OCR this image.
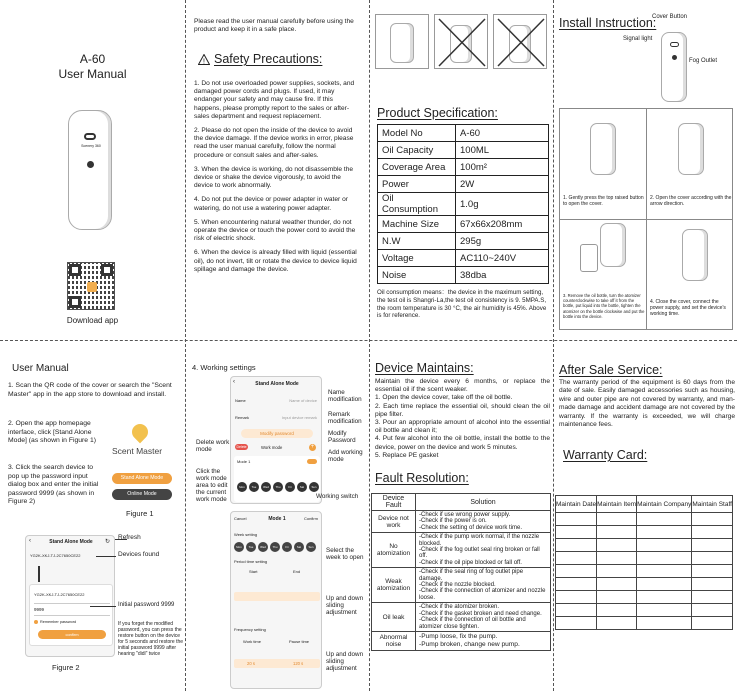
A-60
User Manual
Scenery 360
Download app
Please read the user manual carefully before using the product and keep it in a safe place.
! Safety Precautions:

1. Do not use overloaded power supplies, sockets, and damaged power cords and plugs. If used, it may endanger your safety and may cause fire. If this happens, please promptly report to the sales or after-sales department and request replacement.

2. Please do not open the inside of the device to avoid the device damage. If the device works in error, please read the user manual carefully, follow the normal procedure or consult sales and after-sales.

3. When the device is working, do not disassemble the device or shake the device vigorously, to avoid the device to work abnormally.

4. Do not put the device or power adapter in water or watering, do not use a watering power adapter.

5. When encountering natural weather thunder, do not operate the device or touch the power cord to avoid the risk of electric shock.

6. When the device is already filled with liquid (essential oil), do not invert, tilt or rotate the device to device liquid spillage and damage the device.

Product Specification:
Model No	A-60
Oil Capacity	100ML
Coverage Area	100m²
Power	2W
Oil Consumption	1.0g
Machine Size	67x66x208mm
N.W	295g
Voltage	AC110~240V
Noise	38dba
Oil consumption means：the device in the maximum setting, the test oil is Shangri-La,the test oil consistency is 9. 5MPA.S, the room temperature is 30 °C, the air humidity is 45%. Above is for reference.
Install Instruction:
Cover Button
Signal light
Fog Outlet
1. Gently press the top raised button to open the cover.
2. Open the cover according with the arrow direction.
3. Remove the oil bottle, turn the atomizer counterclockwise to take off it from the bottle, put liquid into the bottle, tighten the atomizer on the bottle clockwise and put the bottle into the device.
4. Close the cover, connect the power supply, and set the device's working time.
User Manual
1. Scan the QR code of the cover or search the "Scent Master" app in the app store to download and install.
2. Open the app homepage interface, click [Stand Alone Mode] (as shown in Figure 1)
3. Click the search device to pop up the password input dialog box and enter the initial password 9999 (as shown in Figure 2)
Scent Master
Stand Alone Mode
Online Mode
Figure 1
‹	Stand Alone Mode	↻
YG2K-XKJ-TJ-2C7650CE22
YG2K-XKJ-TJ-2C7650CE22
9999
Remember password
confirm
Refresh
Devices found
Initial password 9999
If you forget the modified password, you can press the restore button on the device for 5 seconds and restore the initial password 9999 after hearing "didi" twice
Figure 2
4. Working settings
‹	Stand Alone Mode
Name	Name of device
Remark	Input device remark
Modify password
Delete	Work mode	+
Mode 1
Mon	Tue	Wed	Thu	Fri	Sat	Sun
Name modification
Remark modification
Modify Password
Add working mode
Delete work mode
Click the work mode area to edit the current work mode	Working switch
Cancel	Mode 1	Confirm
Week setting
Mon	Tue	Wed	Thu	Fri	Sat	Sun
Period time setting
Start	End
Frequency setting
Work time	Pause time
20 s	120 s
Select the week to open
Up and down sliding adjustment
Up and down sliding adjustment
Device Maintains:

Maintain the device every 6 months, or replace the essential oil if the scent weaker.

1. Open the device cover, take off the oil bottle.

2. Each time replace the essential oil, should clean the oil pipe filter.

3. Pour an appropriate amount of alcohol into the essential oil bottle and clean it;

4. Put few alcohol into the oil bottle, install the bottle to the device, power on the device and work 5 minutes.

5. Replace PE gasket

Fault Resolution:
Device Fault	Solution
Device not work	-Check if use wrong power supply.
-Check if the power is on.
-Check the setting of device work time.

No atomization	-Check if the pump work normal, if the nozzle blocked.
-Check if the fog outlet seal ring broken or fall off.
-Check if the oil pipe blocked or fall off.

Weak atomization	-Check if the seal ring of fog outlet pipe damage.
-Check if the nozzle blocked.
-Check if the connection of atomizer and nozzle loose.

Oil leak	-Check if the atomizer broken.
-Check if the gasket broken and need change.
-Check if the connection of oil bottle and atomizer close tighten.

Abnormal noise	-Pump loose, fix the pump.
-Pump broken, change new pump.
After Sale Service:
The warranty period of the equipment is 60 days from the date of sale. Easily damaged accessories such as housing, wire and outer pipe are not covered by warranty, and man-made damage and accident damage are not covered by the warranty. If the warranty is exceeded, we will charge maintenance fees.
Warranty Card:
Maintain Date	Maintain Item	Maintain Company	Maintain Staff
